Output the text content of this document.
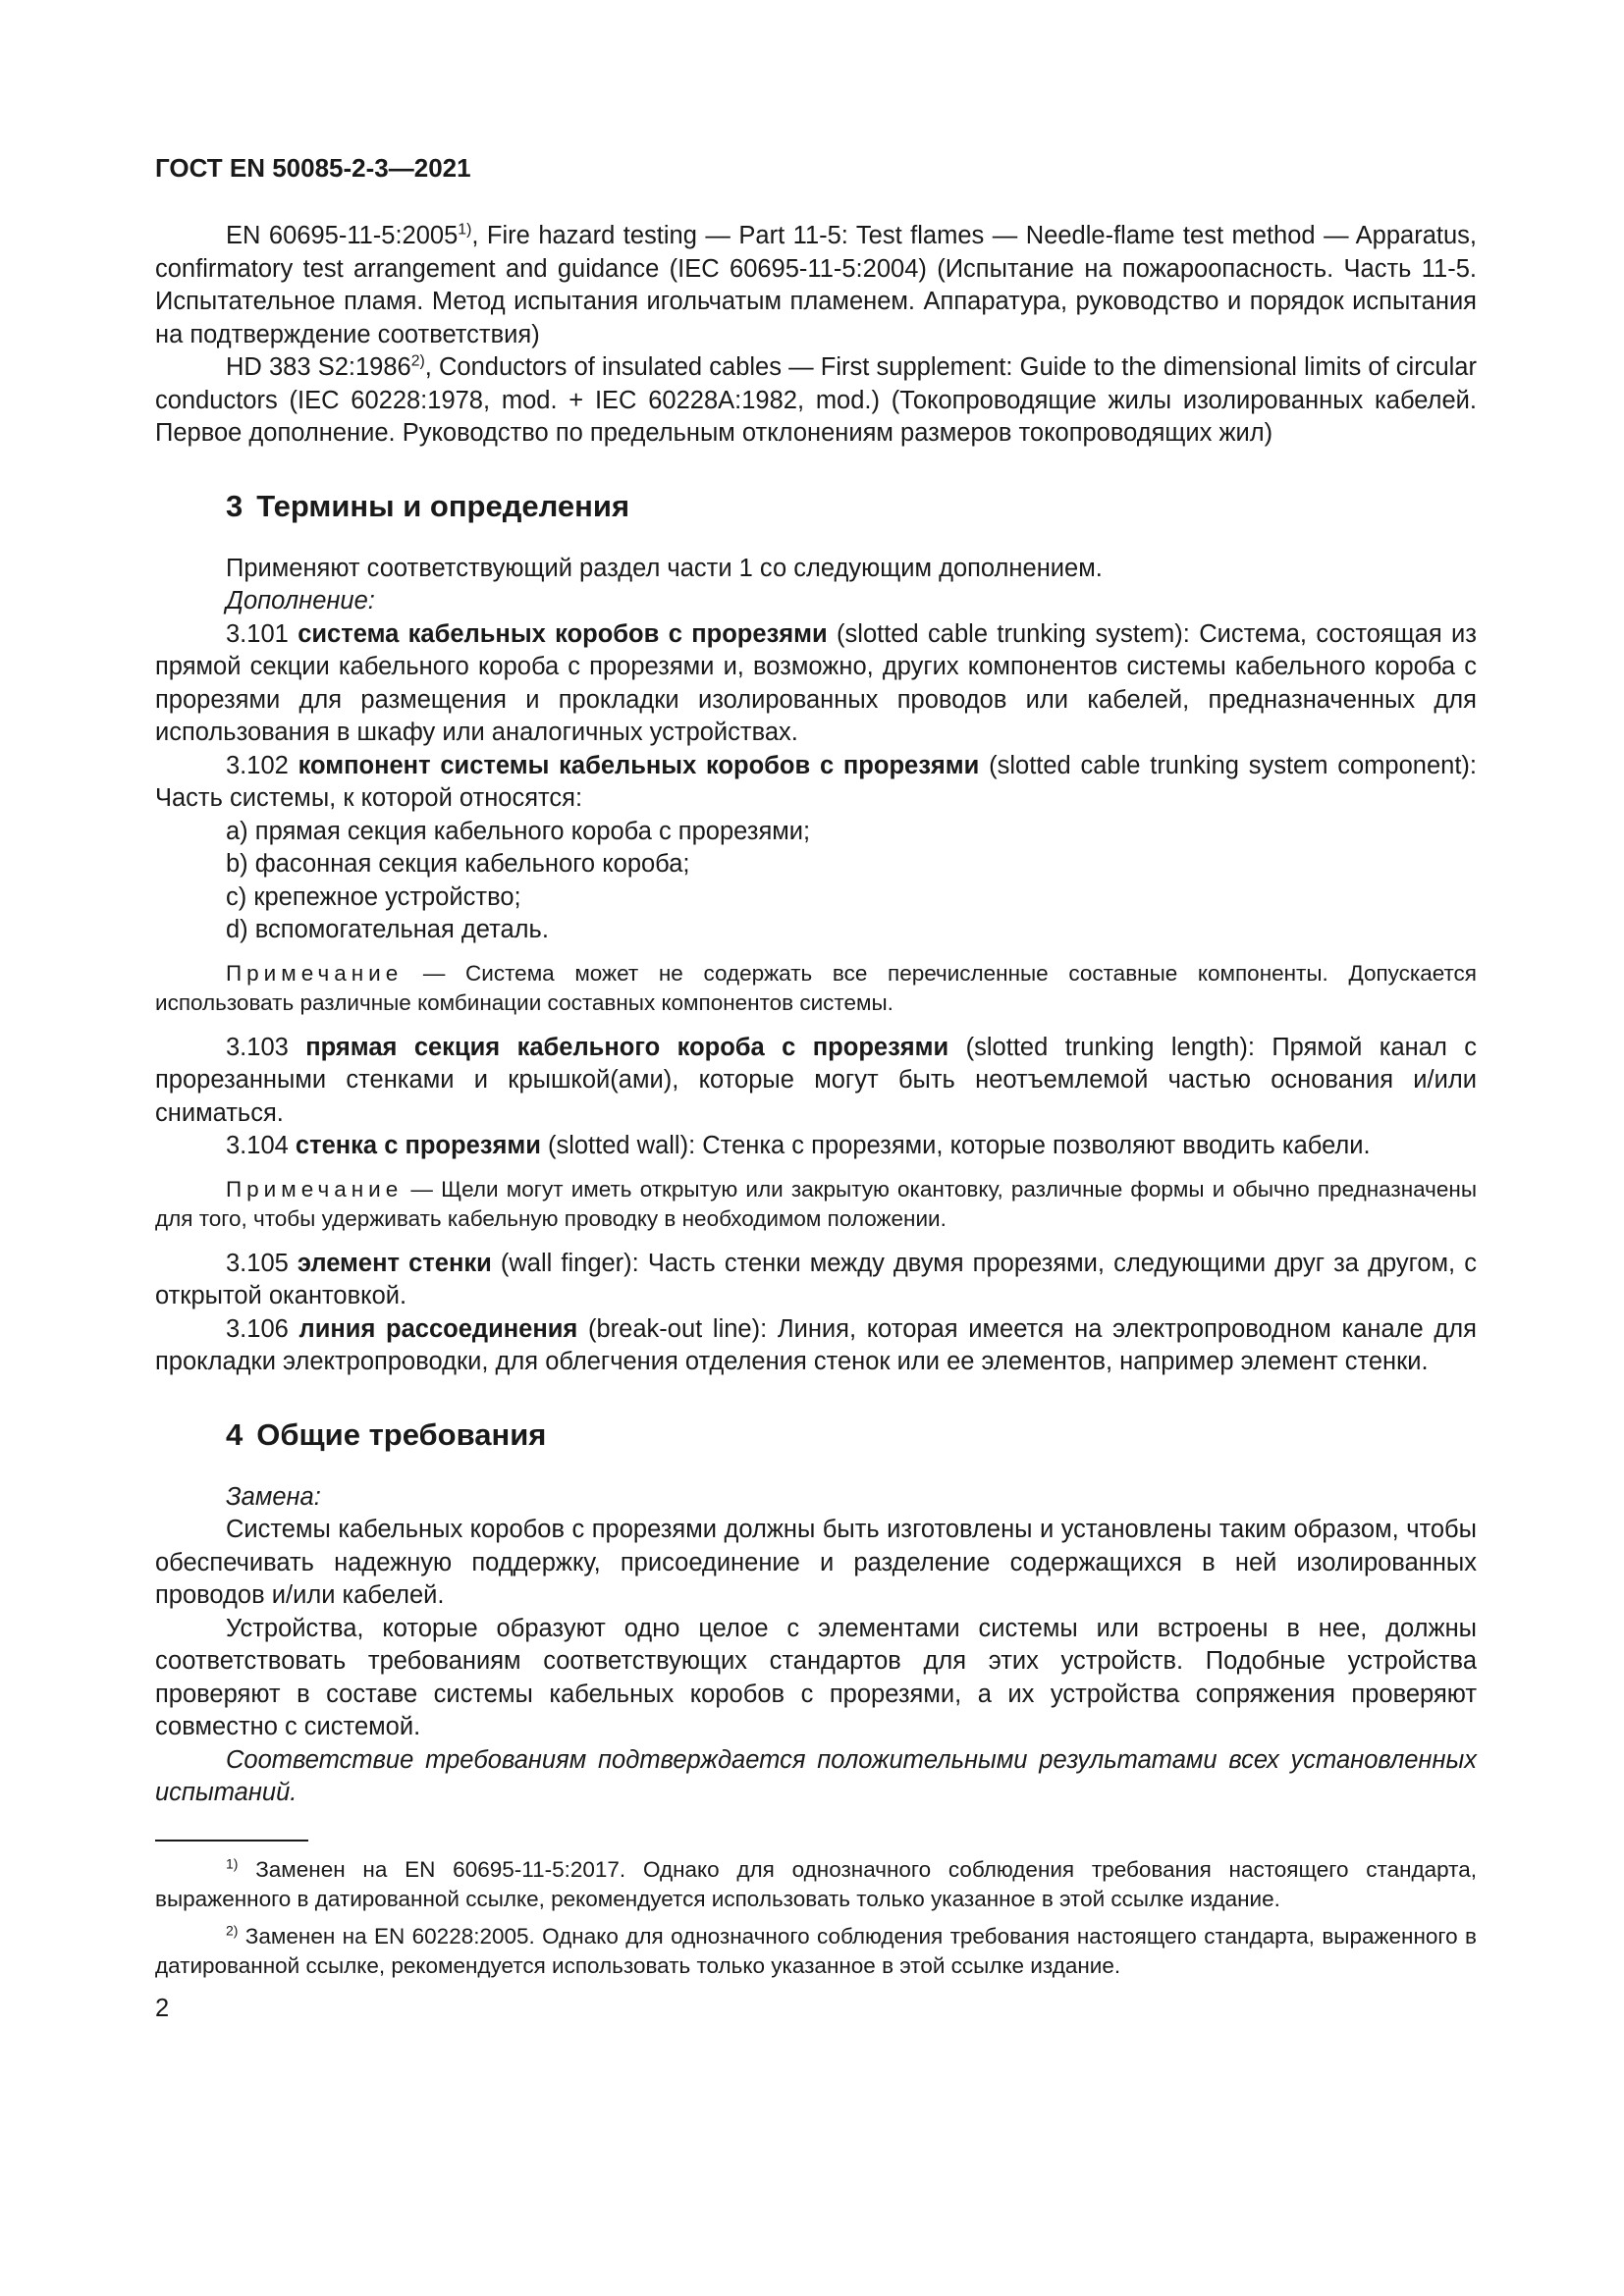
ГОСТ EN 50085-2-3—2021

EN 60695-11-5:2005$^{1)}$, Fire hazard testing — Part 11-5: Test flames — Needle-flame test method — Apparatus, confirmatory test arrangement and guidance (IEC 60695-11-5:2004) (Испытание на пожароопасность. Часть 11-5. Испытательное пламя. Метод испытания игольчатым пламенем. Аппаратура, руководство и порядок испытания на подтверждение соответствия)

HD 383 S2:1986$^{2)}$, Conductors of insulated cables — First supplement: Guide to the dimensional limits of circular conductors (IEC 60228:1978, mod. + IEC 60228A:1982, mod.) (Токопроводящие жилы изолированных кабелей. Первое дополнение. Руководство по предельным отклонениям размеров токопроводящих жил)

3 Термины и определения

Применяют соответствующий раздел части 1 со следующим дополнением.

Дополнение:

3.101 система кабельных коробов с прорезями (slotted cable trunking system): Система, состоящая из прямой секции кабельного короба с прорезями и, возможно, других компонентов системы кабельного короба с прорезями для размещения и прокладки изолированных проводов или кабелей, предназначенных для использования в шкафу или аналогичных устройствах.

3.102 компонент системы кабельных коробов с прорезями (slotted cable trunking system component): Часть системы, к которой относятся:

a) прямая секция кабельного короба с прорезями;

b) фасонная секция кабельного короба;

c) крепежное устройство;

d) вспомогательная деталь.

Примечание — Система может не содержать все перечисленные составные компоненты. Допускается использовать различные комбинации составных компонентов системы.

3.103 прямая секция кабельного короба с прорезями (slotted trunking length): Прямой канал с прорезанными стенками и крышкой(ами), которые могут быть неотъемлемой частью основания и/или сниматься.

3.104 стенка с прорезями (slotted wall): Стенка с прорезями, которые позволяют вводить кабели.

Примечание — Щели могут иметь открытую или закрытую окантовку, различные формы и обычно предназначены для того, чтобы удерживать кабельную проводку в необходимом положении.

3.105 элемент стенки (wall finger): Часть стенки между двумя прорезями, следующими друг за другом, с открытой окантовкой.

3.106 линия рассоединения (break-out line): Линия, которая имеется на электропроводном канале для прокладки электропроводки, для облегчения отделения стенок или ее элементов, например элемент стенки.

4 Общие требования

Замена:

Системы кабельных коробов с прорезями должны быть изготовлены и установлены таким образом, чтобы обеспечивать надежную поддержку, присоединение и разделение содержащихся в ней изолированных проводов и/или кабелей.

Устройства, которые образуют одно целое с элементами системы или встроены в нее, должны соответствовать требованиям соответствующих стандартов для этих устройств. Подобные устройства проверяют в составе системы кабельных коробов с прорезями, а их устройства сопряжения проверяют совместно с системой.

Соответствие требованиям подтверждается положительными результатами всех установленных испытаний.

$^{1)}$ Заменен на EN 60695-11-5:2017. Однако для однозначного соблюдения требования настоящего стандарта, выраженного в датированной ссылке, рекомендуется использовать только указанное в этой ссылке издание.

$^{2)}$ Заменен на EN 60228:2005. Однако для однозначного соблюдения требования настоящего стандарта, выраженного в датированной ссылке, рекомендуется использовать только указанное в этой ссылке издание.

2
